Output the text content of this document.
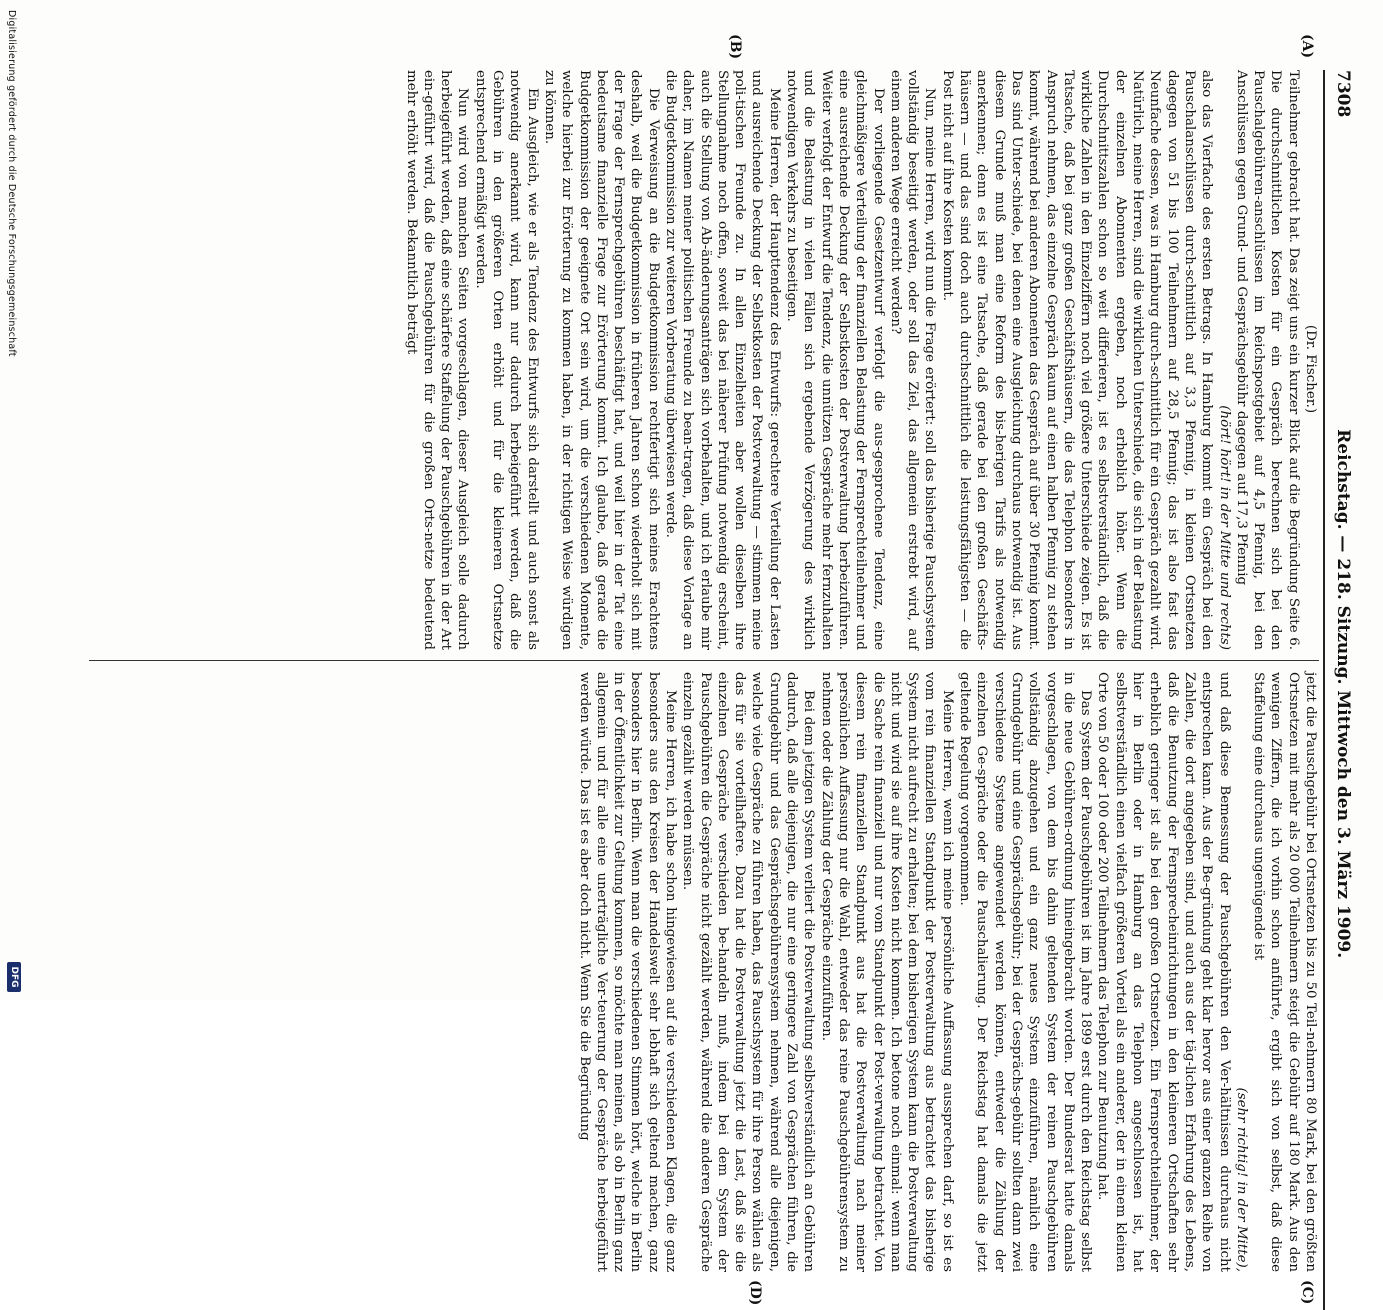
7308
Reichstag. — 218. Sitzung. Mittwoch den 3. März 1909.
(A)
(B)
(C)
(D)

(Dr. Fischer.)

Teilnehmer gebracht hat. Das zeigt uns ein kurzer Blick auf die Begründung Seite 6. Die durchschnittlichen Kosten für ein Gespräch berechnen sich bei den Pauschalgebühren-anschlüssen im Reichspostgebiet auf 4,5 Pfennig, bei den Anschlüssen gegen Grund- und Gesprächsgebühr dagegen auf 17,3 Pfennig

(hört! hört! in der Mitte und rechts)

also das Vierfache des ersten Betrags. In Hamburg kommt ein Gespräch bei den Pauschalanschlüssen durch-schnittlich auf 3,3 Pfennig, in kleinen Ortsnetzen dagegen von 51 bis 100 Teilnehmern auf 28,5 Pfennig; das ist also fast das Neunfache dessen, was in Hamburg durch-schnittlich für ein Gespräch gezahlt wird. Natürlich, meine Herren, sind die wirklichen Unterschiede, die sich in der Belastung der einzelnen Abonnenten ergeben, noch erheblich höher. Wenn die Durchschnittszahlen schon so weit differieren, ist es selbstverständlich, daß die wirkliche Zahlen in den Einzelziffern noch viel größere Unterschiede zeigen. Es ist Tatsache, daß bei ganz großen Geschäftshäusern, die das Telephon besonders in Anspruch nehmen, das einzelne Gespräch kaum auf einen halben Pfennig zu stehen kommt, während bei anderen Abonnenten das Gespräch auf über 30 Pfennig kommt. Das sind Unter-schiede, bei denen eine Ausgleichung durchaus notwendig ist. Aus diesem Grunde muß man eine Reform des bis-herigen Tarifs als notwendig anerkennen; denn es ist eine Tatsache, daß gerade bei den großen Geschäfts-häusern — und das sind doch auch durchschnittlich die leistungsfähigsten — die Post nicht auf ihre Kosten kommt.

Nun, meine Herren, wird nun die Frage erörtert: soll das bisherige Pauschsystem vollständig beseitigt werden, oder soll das Ziel, das allgemein erstrebt wird, auf einem anderen Wege erreicht werden?

Der vorliegende Gesetzentwurf verfolgt die aus-gesprochene Tendenz, eine gleichmäßigere Verteilung der finanziellen Belastung der Fernsprechteilnehmer und eine ausreichende Deckung der Selbstkosten der Postverwaltung herbeizuführen. Weiter verfolgt der Entwurf die Tendenz, die unnützen Gespräche mehr fernzuhalten und die Belastung in vielen Fällen sich ergebende Verzögerung des wirklich notwendigen Verkehrs zu beseitigen.

Meine Herren, der Haupttendenz des Entwurfs: gerechtere Verteilung der Lasten und ausreichende Deckung der Selbstkosten der Postverwaltung — stimmen meine poli-tischen Freunde zu. In allen Einzelheiten aber wollen dieselben ihre Stellungnahme noch offen, soweit das bei näherer Prüfung notwendig erscheint, auch die Stellung von Ab-änderungsanträgen sich vorbehalten, und ich erlaube mir daher, im Namen meiner politischen Freunde zu bean-tragen, daß diese Vorlage an die Budgetkommission zur weiteren Vorberatung überwiesen werde.

Die Verweisung an die Budgetkommission rechtfertigt sich meines Erachtens deshalb, weil die Budgetkommission in früheren Jahren schon wiederholt sich mit der Frage der Fernsprechgebühren beschäftigt hat, und weil hier in der Tat eine bedeutsame finanzielle Frage zur Erörterung kommt. Ich glaube, daß gerade die Budgetkommission der geeignete Ort sein wird, um die verschiedenen Momente, welche hierbei zur Erörterung zu kommen haben, in der richtigen Weise würdigen zu können.

Ein Ausgleich, wie er als Tendenz des Entwurfs sich darstellt und auch sonst als notwendig anerkannt wird, kann nur dadurch herbeigeführt werden, daß die Gebühren in den größeren Orten erhöht und für die kleineren Ortsnetze entsprechend ermäßigt werden.

Nun wird von manchen Seiten vorgeschlagen, dieser Ausgleich solle dadurch herbeigeführt werden, daß eine schärfere Staffelung der Pauschgebühren in der Art ein-geführt wird, daß die Pauschgebühren für die großen Orts-netze bedeutend mehr erhöht werden. Bekanntlich beträgt

jetzt die Pauschgebühr bei Ortsnetzen bis zu 50 Teil-nehmern 80 Mark, bei den größten Ortsnetzen mit mehr als 20 000 Teilnehmern steigt die Gebühr auf 180 Mark. Aus den wenigen Ziffern, die ich vorhin schon anführte, ergibt sich von selbst, daß diese Staffelung eine durchaus ungenügende ist

(sehr richtig! in der Mitte),

und daß diese Bemessung der Pauschgebühren den Ver-hältnissen durchaus nicht entsprechen kann. Aus der Be-gründung geht klar hervor aus einer ganzen Reihe von Zahlen, die dort angegeben sind, und auch aus der täg-lichen Erfahrung des Lebens, daß die Benutzung der Fernsprecheinrichtungen in den kleineren Ortschaften sehr erheblich geringer ist als bei den großen Ortsnetzen. Ein Fernsprechteilnehmer, der hier in Berlin oder in Hamburg an das Telephon angeschlossen ist, hat selbstverständlich einen vielfach größeren Vorteil als ein anderer, der in einem kleinen Orte von 50 oder 100 oder 200 Teilnehmern das Telephon zur Benutzung hat.

Das System der Pauschgebühren ist im Jahre 1899 erst durch den Reichstag selbst in die neue Gebühren-ordnung hineingebracht worden. Der Bundesrat hatte damals vorgeschlagen, von dem bis dahin geltenden System der reinen Pauschgebühren vollständig abzugehen und ein ganz neues System einzuführen, nämlich eine Grundgebühr und eine Gesprächsgebühr; bei der Gesprächs-gebühr sollten dann zwei verschiedene Systeme angewendet werden können, entweder die Zählung der einzelnen Ge-spräche oder die Pauschalierung. Der Reichstag hat damals die jetzt geltende Regelung vorgenommen.

Meine Herren, wenn ich meine persönliche Auffassung aussprechen darf, so ist es vom rein finanziellen Standpunkt der Postverwaltung aus betrachtet das bisherige System nicht aufrecht zu erhalten; bei dem bisherigen System kann die Postverwaltung nicht und wird sie auf ihre Kosten nicht kommen. Ich betone noch einmal: wenn man die Sache rein finanziell und nur vom Standpunkt der Post-verwaltung betrachtet. Von diesem rein finanziellen Standpunkt aus hat die Postverwaltung nach meiner persönlichen Auffassung nur die Wahl, entweder das reine Pauschgebührensystem zu nehmen oder die Zählung der Gespräche einzuführen.

Bei dem jetzigen System verliert die Postverwaltung selbstverständlich an Gebühren dadurch, daß alle diejenigen, die nur eine geringere Zahl von Gesprächen führen, die Grundgebühr und das Gesprächsgebührensystem nehmen, während alle diejenigen, welche viele Gespräche zu führen haben, das Pauschsystem für ihre Person wählen als das für sie vorteilhaftere. Dazu hat die Postverwaltung jetzt die Last, daß sie die einzelnen Gespräche verschieden be-handeln muß, indem bei dem System der Pauschgebühren die Gespräche nicht gezählt werden, während die anderen Gespräche einzeln gezählt werden müssen.

Meine Herren, ich habe schon hingewiesen auf die verschiedenen Klagen, die ganz besonders aus den Kreisen der Handelswelt sehr lebhaft sich geltend machen, ganz besonders hier in Berlin. Wenn man die verschiedenen Stimmen hört, welche in Berlin in der Öffentlichkeit zur Geltung kommen, so möchte man meinen, als ob in Berlin ganz allgemein und für alle eine unerträgliche Ver-teuerung der Gespräche herbeigeführt werden würde. Das ist es aber doch nicht. Wenn Sie die Begründung

Digitalisierung gefördert durch die Deutsche Forschungsgemeinschaft
DFG
